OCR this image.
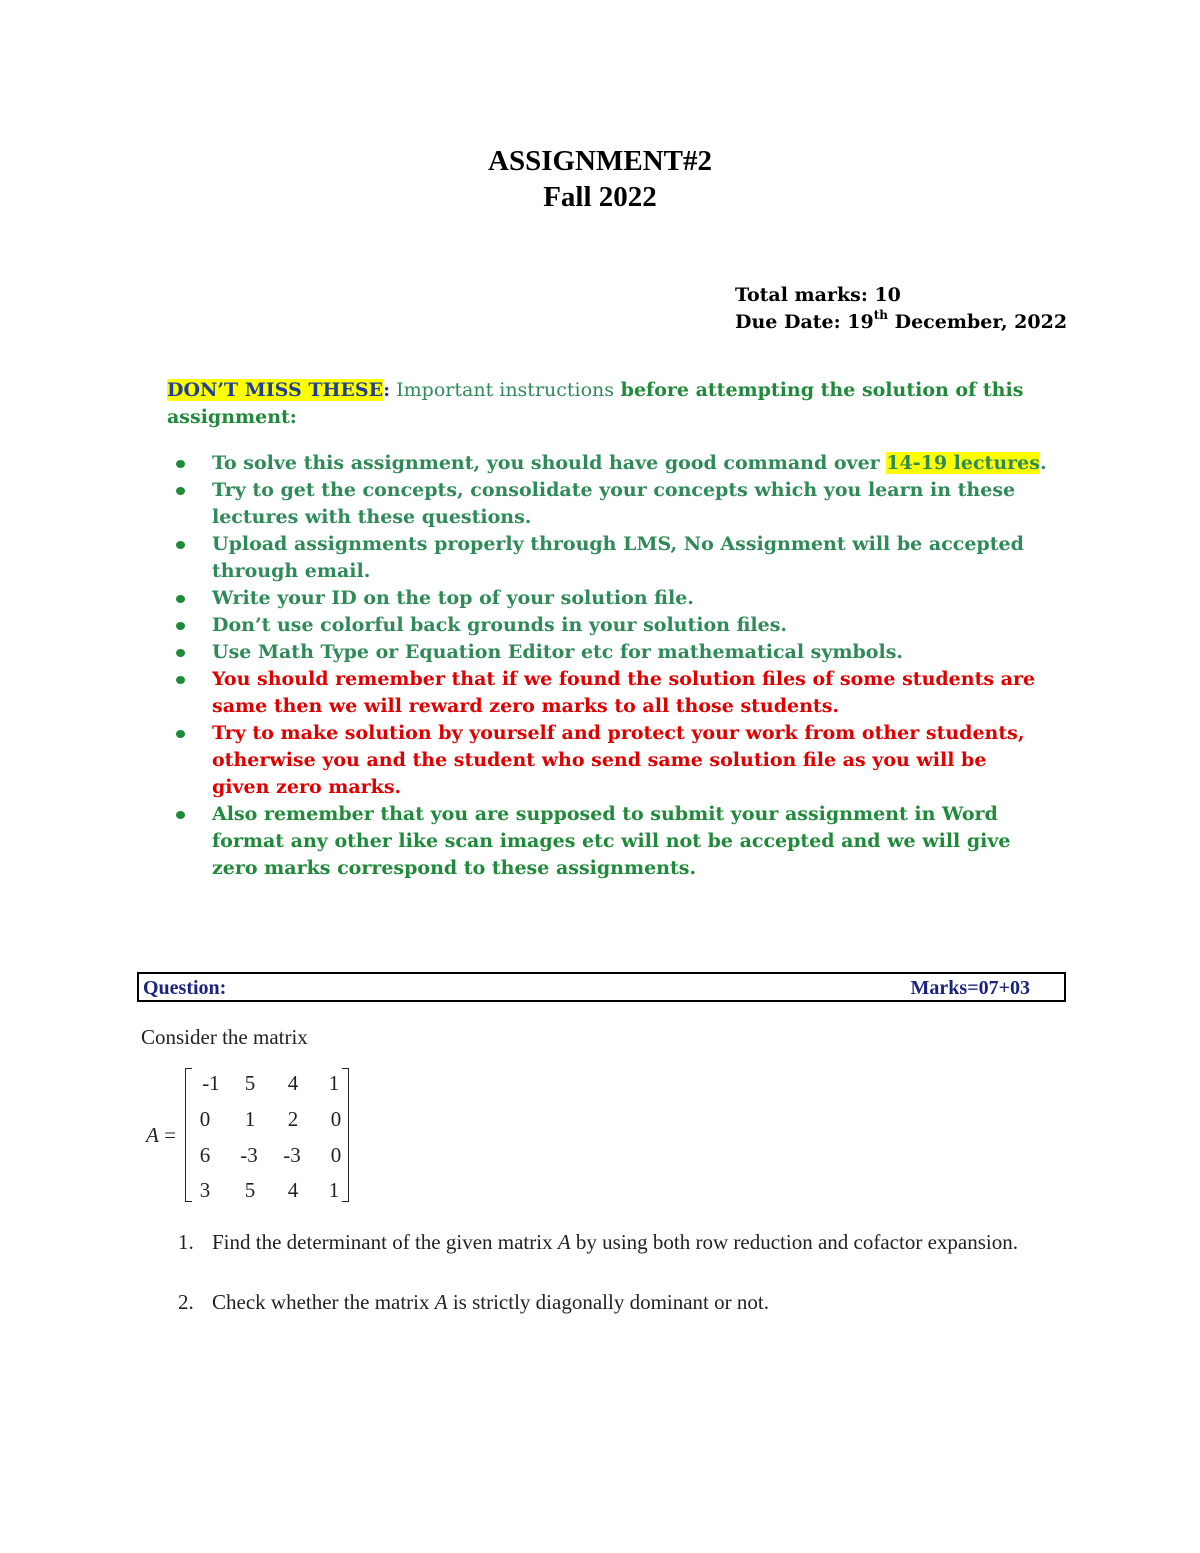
ASSIGNMENT#2
Fall 2022
Total marks: 10
Due Date: 19th December, 2022
DON’T MISS THESE: Important instructions before attempting the solution of this assignment:
To solve this assignment, you should have good command over 14-19 lectures.
Try to get the concepts, consolidate your concepts which you learn in these lectures with these questions.
Upload assignments properly through LMS, No Assignment will be accepted through email.
Write your ID on the top of your solution file.
Don’t use colorful back grounds in your solution files.
Use Math Type or Equation Editor etc for mathematical symbols.
You should remember that if we found the solution files of some students are same then we will reward zero marks to all those students.
Try to make solution by yourself and protect your work from other students, otherwise you and the student who send same solution file as you will be given zero marks.
Also remember that you are supposed to submit your assignment in Word format any other like scan images etc will not be accepted and we will give zero marks correspond to these assignments.
Question:	Marks=07+03
Consider the matrix
A =
-1	5	4	1
0	1	2	0
6	-3	-3	0
3	5	4	1
1. Find the determinant of the given matrix A by using both row reduction and cofactor expansion.
2. Check whether the matrix A is strictly diagonally dominant or not.
